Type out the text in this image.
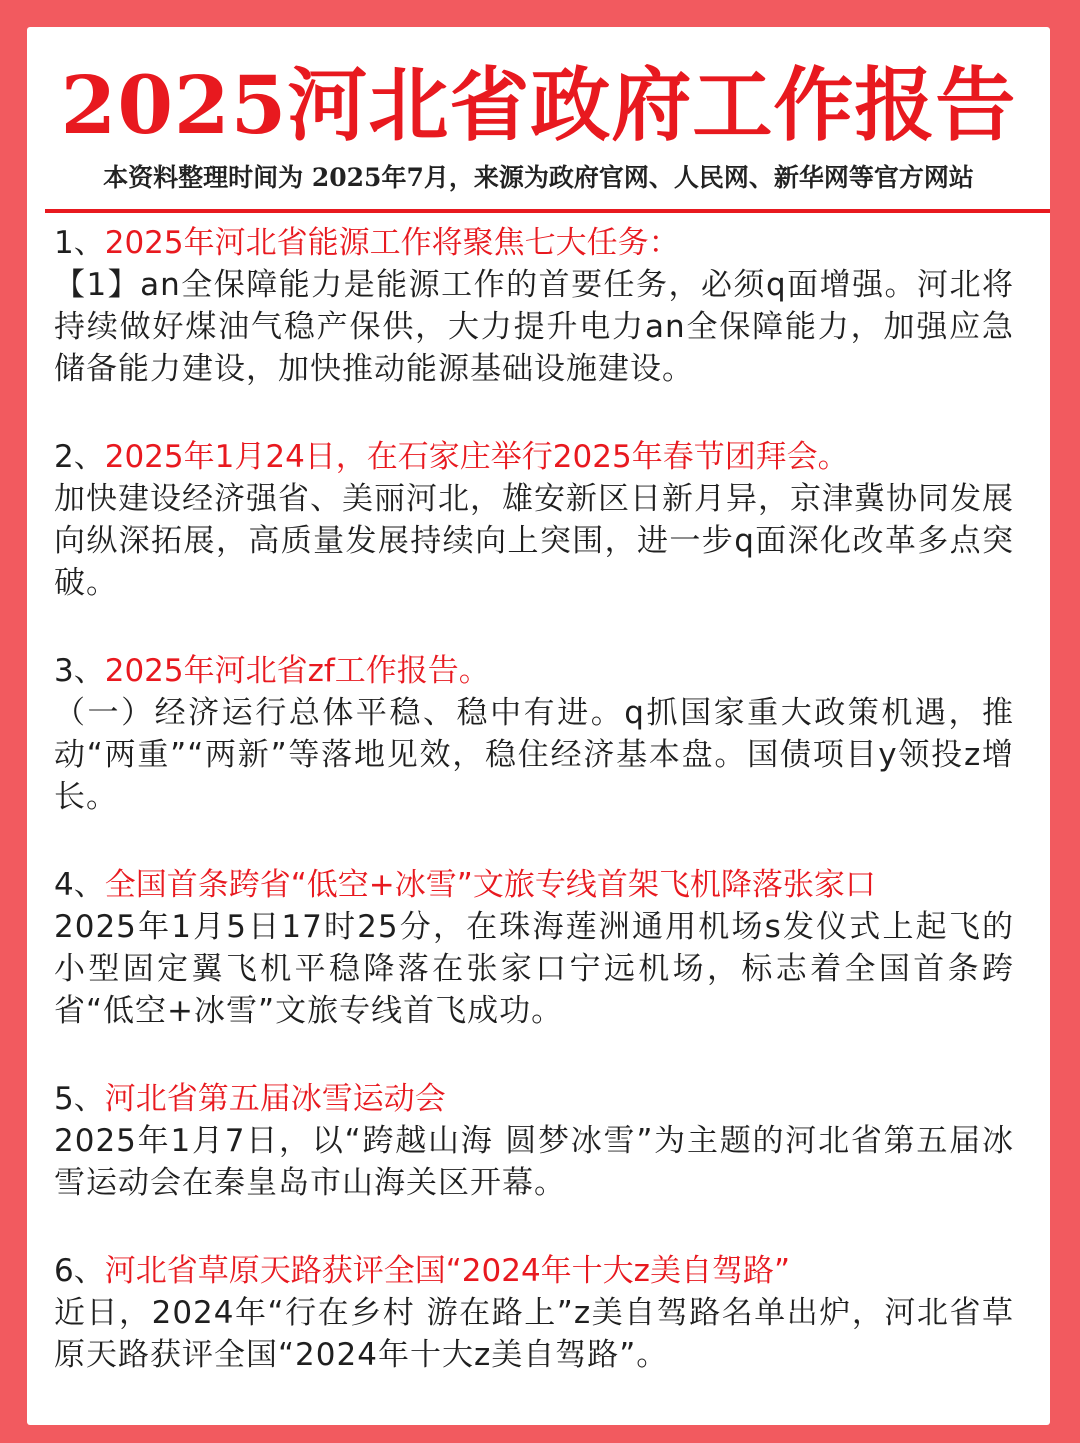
2025河北省政府工作报告
本资料整理时间为 2025年7月，来源为政府官网、人民网、新华网等官方网站
1、2025年河北省能源工作将聚焦七大任务：
【1】an全保障能力是能源工作的首要任务，必须q面增强。河北将持续做好煤油气稳产保供，大力提升电力an全保障能力，加强应急储备能力建设，加快推动能源基础设施建设。
2、2025年1月24日，在石家庄举行2025年春节团拜会。
加快建设经济强省、美丽河北，雄安新区日新月异，京津冀协同发展向纵深拓展，高质量发展持续向上突围，进一步q面深化改革多点突破。
3、2025年河北省zf工作报告。
（一）经济运行总体平稳、稳中有进。q抓国家重大政策机遇，推动“两重”“两新”等落地见效，稳住经济基本盘。国债项目y领投z增长。
4、全国首条跨省“低空+冰雪”文旅专线首架飞机降落张家口
2025年1月5日17时25分，在珠海莲洲通用机场s发仪式上起飞的小型固定翼飞机平稳降落在张家口宁远机场，标志着全国首条跨省“低空+冰雪”文旅专线首飞成功。
5、河北省第五届冰雪运动会
2025年1月7日，以“跨越山海 圆梦冰雪”为主题的河北省第五届冰雪运动会在秦皇岛市山海关区开幕。
6、河北省草原天路获评全国“2024年十大z美自驾路”
近日，2024年“行在乡村 游在路上”z美自驾路名单出炉，河北省草原天路获评全国“2024年十大z美自驾路”。
